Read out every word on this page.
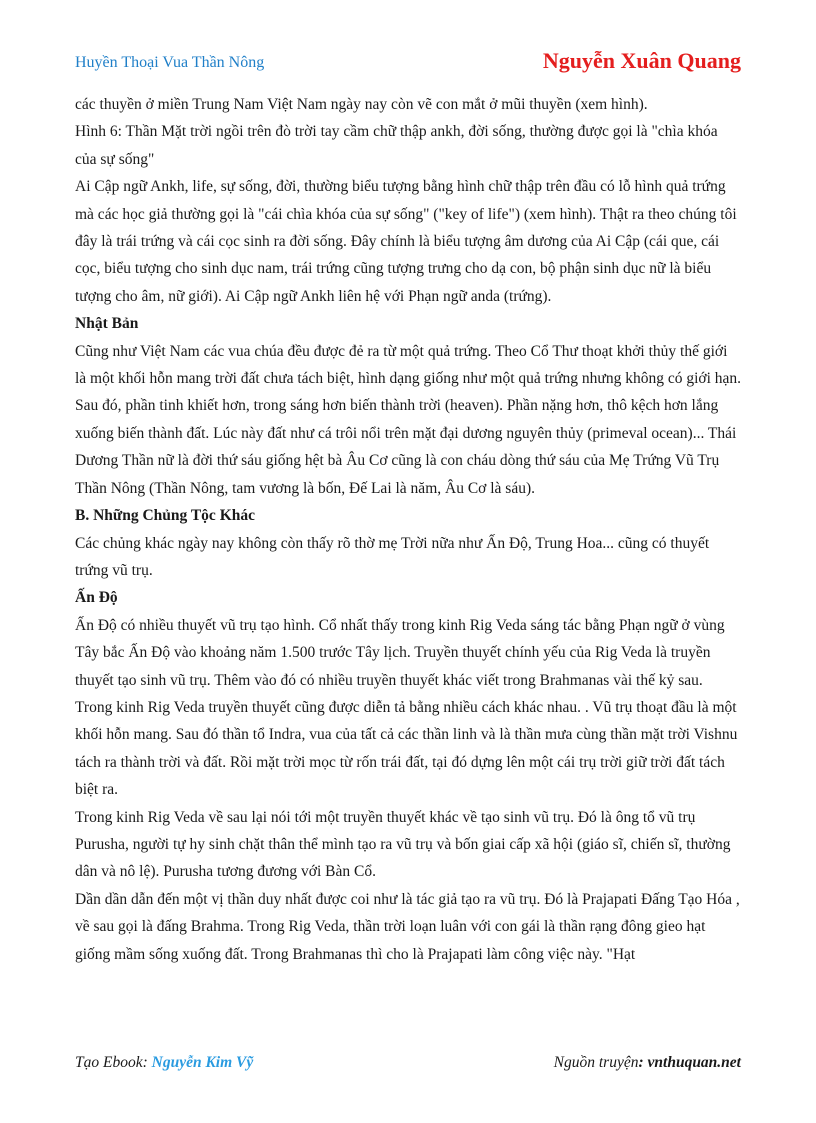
Huyền Thoại Vua Thần Nông	Nguyễn Xuân Quang

các thuyền ở miền Trung Nam Việt Nam ngày nay còn vẽ con mắt ở mũi thuyền (xem hình).

Hình 6: Thần Mặt trời ngồi trên đò trời tay cầm chữ thập ankh, đời sống, thường được gọi là "chìa khóa của sự sống"

Ai Cập ngữ Ankh, life, sự sống, đời, thường biểu tượng bằng hình chữ thập trên đầu có lỗ hình quả trứng mà các học giả thường gọi là "cái chìa khóa của sự sống" ("key of life") (xem hình). Thật ra theo chúng tôi đây là trái trứng và cái cọc sinh ra đời sống. Đây chính là biểu tượng âm dương của Ai Cập (cái que, cái cọc, biểu tượng cho sinh dục nam, trái trứng cũng tượng trưng cho dạ con, bộ phận sinh dục nữ là biểu tượng cho âm, nữ giới). Ai Cập ngữ Ankh liên hệ với Phạn ngữ anda (trứng).

Nhật Bản

Cũng như Việt Nam các vua chúa đều được đẻ ra từ một quả trứng. Theo Cổ Thư thoạt khởi thủy thế giới là một khối hỗn mang trời đất chưa tách biệt, hình dạng giống như một quả trứng nhưng không có giới hạn. Sau đó, phần tinh khiết hơn, trong sáng hơn biến thành trời (heaven). Phần nặng hơn, thô kệch hơn lắng xuống biến thành đất. Lúc này đất như cá trôi nổi trên mặt đại dương nguyên thủy (primeval ocean)... Thái Dương Thần nữ là đời thứ sáu giống hệt bà Âu Cơ cũng là con cháu dòng thứ sáu của Mẹ Trứng Vũ Trụ Thần Nông (Thần Nông, tam vương là bốn, Đế Lai là năm, Âu Cơ là sáu).

B. Những Chủng Tộc Khác

Các chủng khác ngày nay không còn thấy rõ thờ mẹ Trời nữa như Ấn Độ, Trung Hoa... cũng có thuyết trứng vũ trụ.

Ấn Độ

Ấn Độ có nhiều thuyết vũ trụ tạo hình. Cổ nhất thấy trong kinh Rig Veda sáng tác bằng Phạn ngữ ở vùng Tây bắc Ấn Độ vào khoảng năm 1.500 trước Tây lịch. Truyền thuyết chính yếu của Rig Veda là truyền thuyết tạo sinh vũ trụ. Thêm vào đó có nhiều truyền thuyết khác viết trong Brahmanas vài thế kỷ sau. Trong kinh Rig Veda truyền thuyết cũng được diễn tả bằng nhiều cách khác nhau. . Vũ trụ thoạt đầu là một khối hỗn mang. Sau đó thần tổ Indra, vua của tất cả các thần linh và là thần mưa cùng thần mặt trời Vishnu tách ra thành trời và đất. Rồi mặt trời mọc từ rốn trái đất, tại đó dựng lên một cái trụ trời giữ trời đất tách biệt ra.

Trong kinh Rig Veda về sau lại nói tới một truyền thuyết khác về tạo sinh vũ trụ. Đó là ông tổ vũ trụ Purusha, người tự hy sinh chặt thân thể mình tạo ra vũ trụ và bốn giai cấp xã hội (giáo sĩ, chiến sĩ, thường dân và nô lệ). Purusha tương đương với Bàn Cổ.

Dần dần dẫn đến một vị thần duy nhất được coi như là tác giả tạo ra vũ trụ. Đó là Prajapati Đấng Tạo Hóa , về sau gọi là đấng Brahma. Trong Rig Veda, thần trời loạn luân với con gái là thần rạng đông gieo hạt giống mầm sống xuống đất. Trong Brahmanas thì cho là Prajapati làm công việc này. "Hạt

Tạo Ebook: Nguyễn Kim Vỹ	Nguồn truyện: vnthuquan.net
